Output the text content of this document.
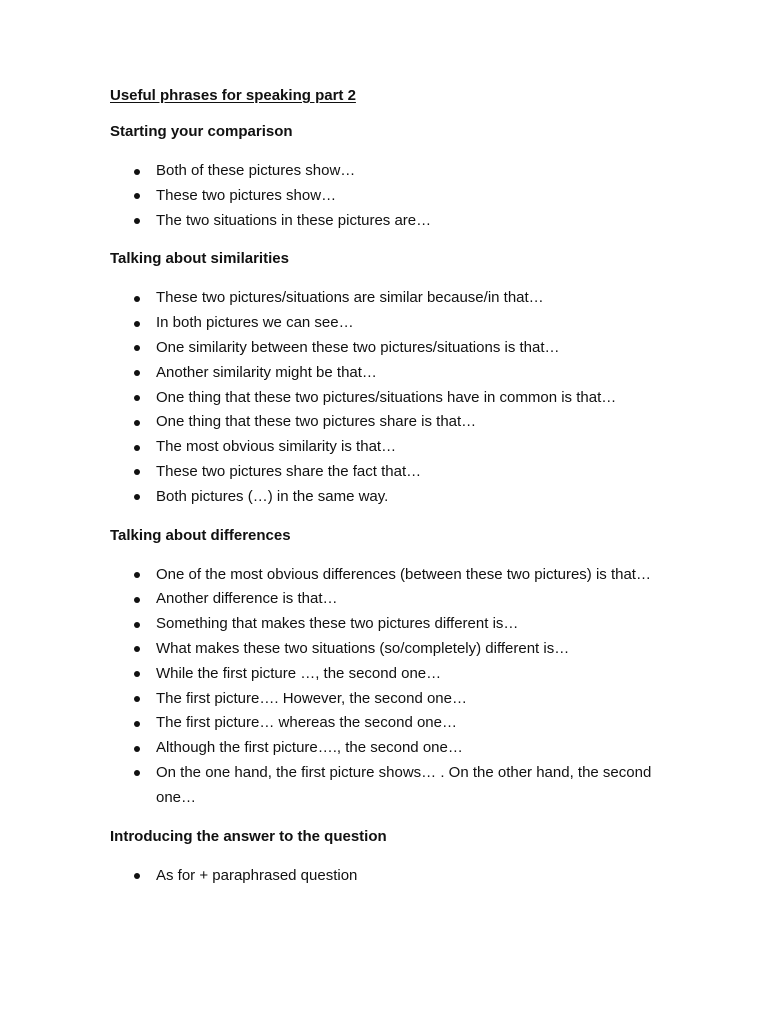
Useful phrases for speaking part 2
Starting your comparison
Both of these pictures show…
These two pictures show…
The two situations in these pictures are…
Talking about similarities
These two pictures/situations are similar because/in that…
In both pictures we can see…
One similarity between these two pictures/situations is that…
Another similarity might be that…
One thing that these two pictures/situations have in common is that…
One thing that these two pictures share is that…
The most obvious similarity is that…
These two pictures share the fact that…
Both pictures (…) in the same way.
Talking about differences
One of the most obvious differences (between these two pictures) is that…
Another difference is that…
Something that makes these two pictures different is…
What makes these two situations (so/completely) different is…
While the first picture …, the second one…
The first picture…. However, the second one…
The first picture… whereas the second one…
Although the first picture…., the second one…
On the one hand, the first picture shows… . On the other hand, the second one…
Introducing the answer to the question
As for + paraphrased question
